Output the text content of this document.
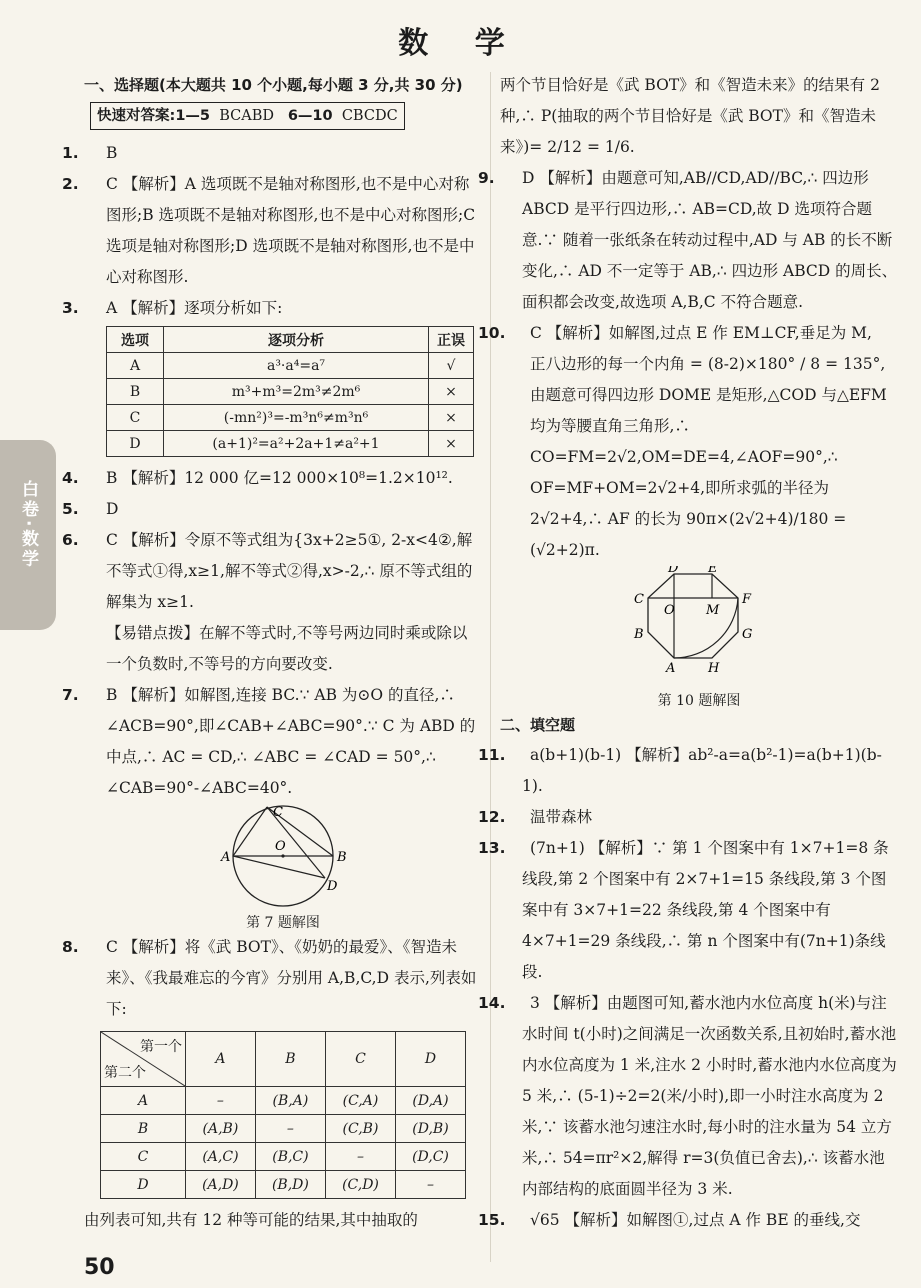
数 学
白卷·数学

一、选择题(本大题共 10 个小题,每小题 3 分,共 30 分)

快速对答案:1—5 BCABD 6—10 CBCDC

1. B

2. C 【解析】A 选项既不是轴对称图形,也不是中心对称图形;B 选项既不是轴对称图形,也不是中心对称图形;C 选项是轴对称图形;D 选项既不是轴对称图形,也不是中心对称图形.

3. A 【解析】逐项分析如下:

选项	逐项分析	正误
A	a³·a⁴=a⁷	√
B	m³+m³=2m³≠2m⁶	×
C	(-mn²)³=-m³n⁶≠m³n⁶	×
D	(a+1)²=a²+2a+1≠a²+1	×

4. B 【解析】12 000 亿=12 000×10⁸=1.2×10¹².

5. D

6. C 【解析】令原不等式组为{3x+2≥5①, 2-x<4②,解不等式①得,x≥1,解不等式②得,x>-2,∴ 原不等式组的解集为 x≥1.

【易错点拨】在解不等式时,不等号两边同时乘或除以一个负数时,不等号的方向要改变.

7. B 【解析】如解图,连接 BC.∵ AB 为⊙O 的直径,∴ ∠ACB=90°,即∠CAB+∠ABC=90°.∵ C 为 ABD 的中点,∴ AC = CD,∴ ∠ABC = ∠CAD = 50°,∴ ∠CAB=90°-∠ABC=40°.

A
O
B
C
D
第 7 题解图

8. C 【解析】将《武 BOT》、《奶奶的最爱》、《智造未来》、《我最难忘的今宵》分别用 A,B,C,D 表示,列表如下:

第一个
第二个	A	B	C	D
A	–	(B,A)	(C,A)	(D,A)
B	(A,B)	–	(C,B)	(D,B)
C	(A,C)	(B,C)	–	(D,C)
D	(A,D)	(B,D)	(C,D)	–

由列表可知,共有 12 种等可能的结果,其中抽取的

两个节目恰好是《武 BOT》和《智造未来》的结果有 2 种,∴ P(抽取的两个节目恰好是《武 BOT》和《智造未来》)= 2/12 = 1/6.

9. D 【解析】由题意可知,AB//CD,AD//BC,∴ 四边形 ABCD 是平行四边形,∴ AB=CD,故 D 选项符合题意.∵ 随着一张纸条在转动过程中,AD 与 AB 的长不断变化,∴ AD 不一定等于 AB,∴ 四边形 ABCD 的周长、面积都会改变,故选项 A,B,C 不符合题意.

10. C 【解析】如解图,过点 E 作 EM⊥CF,垂足为 M,

正八边形的每一个内角 = (8-2)×180° / 8 = 135°,由题意可得四边形 DOME 是矩形,△COD 与△EFM 均为等腰直角三角形,∴ CO=FM=2√2,OM=DE=4,∠AOF=90°,∴ OF=MF+OM=2√2+4,即所求弧的半径为 2√2+4,∴ AF 的长为 90π×(2√2+4)/180 = (√2+2)π.

D E
C
O M
F
B	G
A	H
第 10 题解图

二、填空题

11. a(b+1)(b-1) 【解析】ab²-a=a(b²-1)=a(b+1)(b-1).

12. 温带森林

13. (7n+1) 【解析】∵ 第 1 个图案中有 1×7+1=8 条线段,第 2 个图案中有 2×7+1=15 条线段,第 3 个图案中有 3×7+1=22 条线段,第 4 个图案中有 4×7+1=29 条线段,∴ 第 n 个图案中有(7n+1)条线段.

14. 3 【解析】由题图可知,蓄水池内水位高度 h(米)与注水时间 t(小时)之间满足一次函数关系,且初始时,蓄水池内水位高度为 1 米,注水 2 小时时,蓄水池内水位高度为 5 米,∴ (5-1)÷2=2(米/小时),即一小时注水高度为 2 米,∵ 该蓄水池匀速注水时,每小时的注水量为 54 立方米,∴ 54=πr²×2,解得 r=3(负值已舍去),∴ 该蓄水池内部结构的底面圆半径为 3 米.

15. √65 【解析】如解图①,过点 A 作 BE 的垂线,交

50
